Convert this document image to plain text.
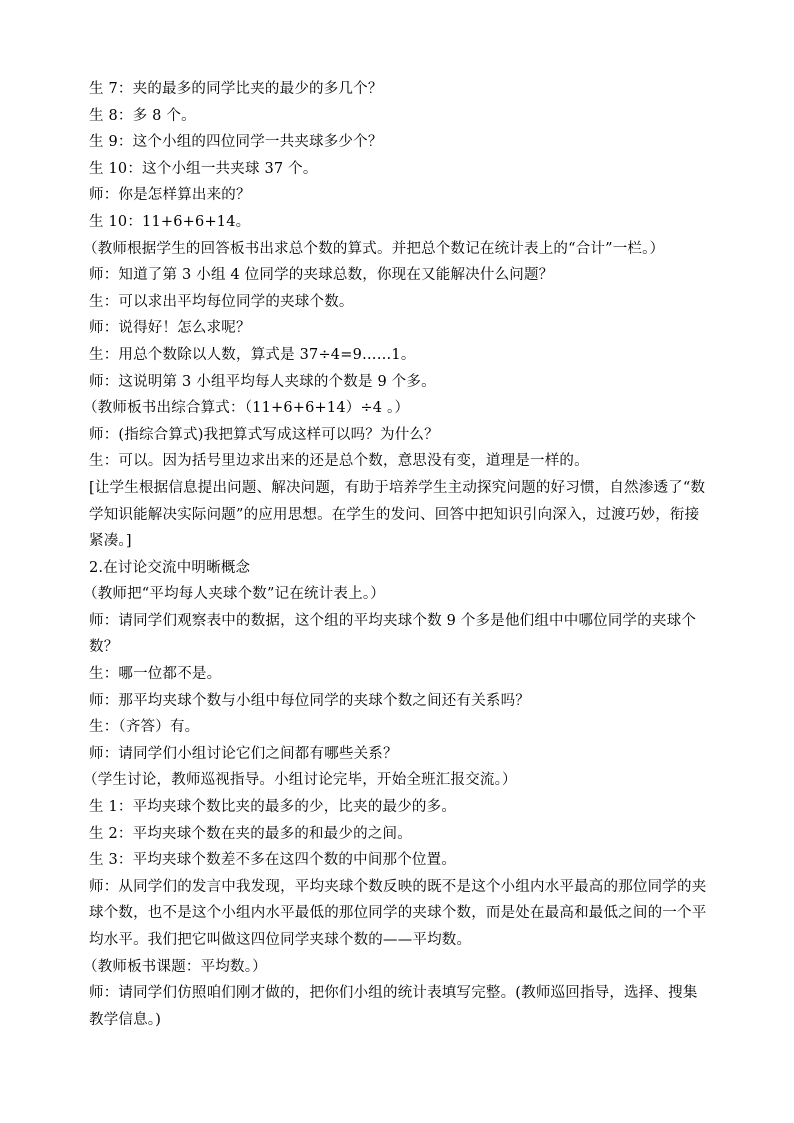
生 7：夹的最多的同学比夹的最少的多几个？
生 8：多 8 个。
生 9：这个小组的四位同学一共夹球多少个？
生 10：这个小组一共夹球 37 个。
师：你是怎样算出来的？
生 10：11+6+6+14。
（教师根据学生的回答板书出求总个数的算式。并把总个数记在统计表上的“合计”一栏。）
师：知道了第 3 小组 4 位同学的夹球总数，你现在又能解决什么问题？
生：可以求出平均每位同学的夹球个数。
师：说得好！怎么求呢？
生：用总个数除以人数，算式是 37÷4=9……1。
师：这说明第 3 小组平均每人夹球的个数是 9 个多。
（教师板书出综合算式：（11+6+6+14）÷4 。）
师：(指综合算式)我把算式写成这样可以吗？为什么？
生：可以。因为括号里边求出来的还是总个数，意思没有变，道理是一样的。
[让学生根据信息提出问题、解决问题，有助于培养学生主动探究问题的好习惯，自然渗透了“数学知识能解决实际问题”的应用思想。在学生的发问、回答中把知识引向深入，过渡巧妙，衔接紧凑。]
2.在讨论交流中明晰概念
（教师把“平均每人夹球个数”记在统计表上。）
师：请同学们观察表中的数据，这个组的平均夹球个数 9 个多是他们组中中哪位同学的夹球个数？
生：哪一位都不是。
师：那平均夹球个数与小组中每位同学的夹球个数之间还有关系吗？
生：（齐答）有。
师：请同学们小组讨论它们之间都有哪些关系？
（学生讨论，教师巡视指导。小组讨论完毕，开始全班汇报交流。）
生 1：平均夹球个数比夹的最多的少，比夹的最少的多。
生 2：平均夹球个数在夹的最多的和最少的之间。
生 3：平均夹球个数差不多在这四个数的中间那个位置。
师：从同学们的发言中我发现，平均夹球个数反映的既不是这个小组内水平最高的那位同学的夹球个数，也不是这个小组内水平最低的那位同学的夹球个数，而是处在最高和最低之间的一个平均水平。我们把它叫做这四位同学夹球个数的——平均数。
（教师板书课题：平均数。）
师：请同学们仿照咱们刚才做的，把你们小组的统计表填写完整。(教师巡回指导，选择、搜集教学信息。)
